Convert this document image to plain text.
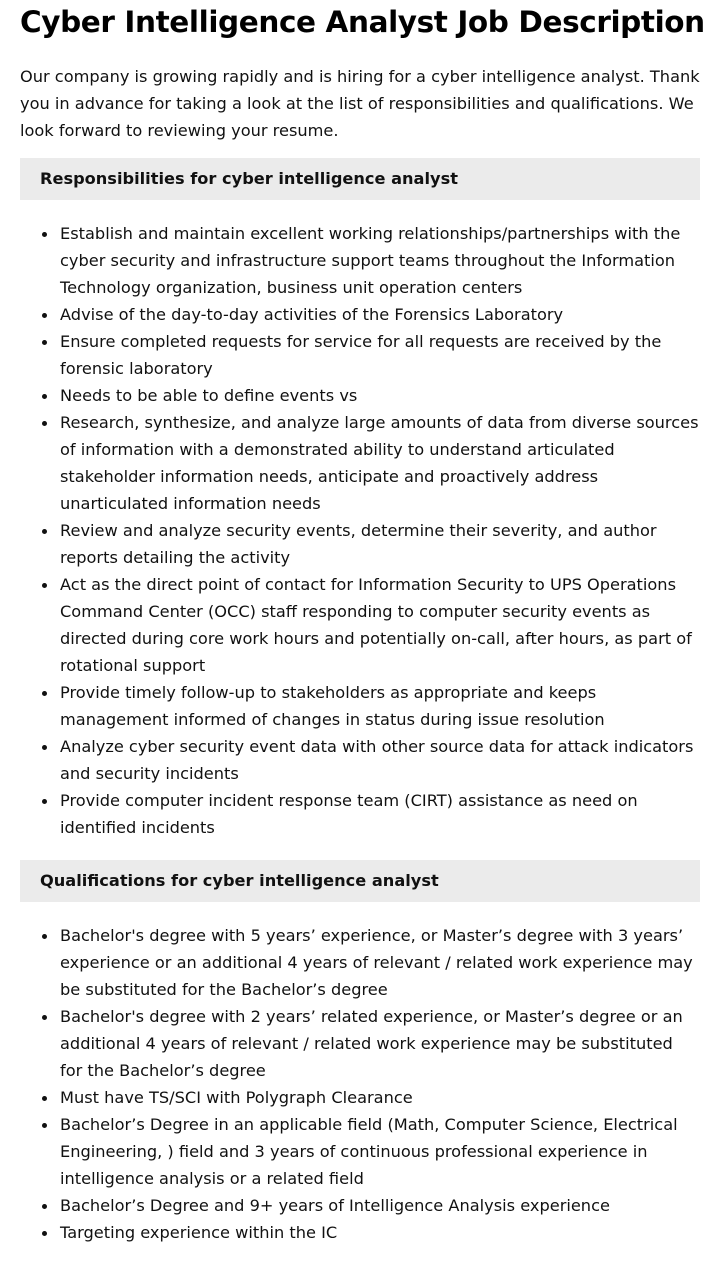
Cyber Intelligence Analyst Job Description

Our company is growing rapidly and is hiring for a cyber intelligence analyst. Thank you in advance for taking a look at the list of responsibilities and qualifications. We look forward to reviewing your resume.

Responsibilities for cyber intelligence analyst
Establish and maintain excellent working relationships/partnerships with the cyber security and infrastructure support teams throughout the Information Technology organization, business unit operation centers
Advise of the day-to-day activities of the Forensics Laboratory
Ensure completed requests for service for all requests are received by the forensic laboratory
Needs to be able to define events vs
Research, synthesize, and analyze large amounts of data from diverse sources of information with a demonstrated ability to understand articulated stakeholder information needs, anticipate and proactively address unarticulated information needs
Review and analyze security events, determine their severity, and author reports detailing the activity
Act as the direct point of contact for Information Security to UPS Operations Command Center (OCC) staff responding to computer security events as directed during core work hours and potentially on-call, after hours, as part of rotational support
Provide timely follow-up to stakeholders as appropriate and keeps management informed of changes in status during issue resolution
Analyze cyber security event data with other source data for attack indicators and security incidents
Provide computer incident response team (CIRT) assistance as need on identified incidents
Qualifications for cyber intelligence analyst
Bachelor's degree with 5 years’ experience, or Master’s degree with 3 years’ experience or an additional 4 years of relevant / related work experience may be substituted for the Bachelor’s degree
Bachelor's degree with 2 years’ related experience, or Master’s degree or an additional 4 years of relevant / related work experience may be substituted for the Bachelor’s degree
Must have TS/SCI with Polygraph Clearance
Bachelor’s Degree in an applicable field (Math, Computer Science, Electrical Engineering, ) field and 3 years of continuous professional experience in intelligence analysis or a related field
Bachelor’s Degree and 9+ years of Intelligence Analysis experience
Targeting experience within the IC
